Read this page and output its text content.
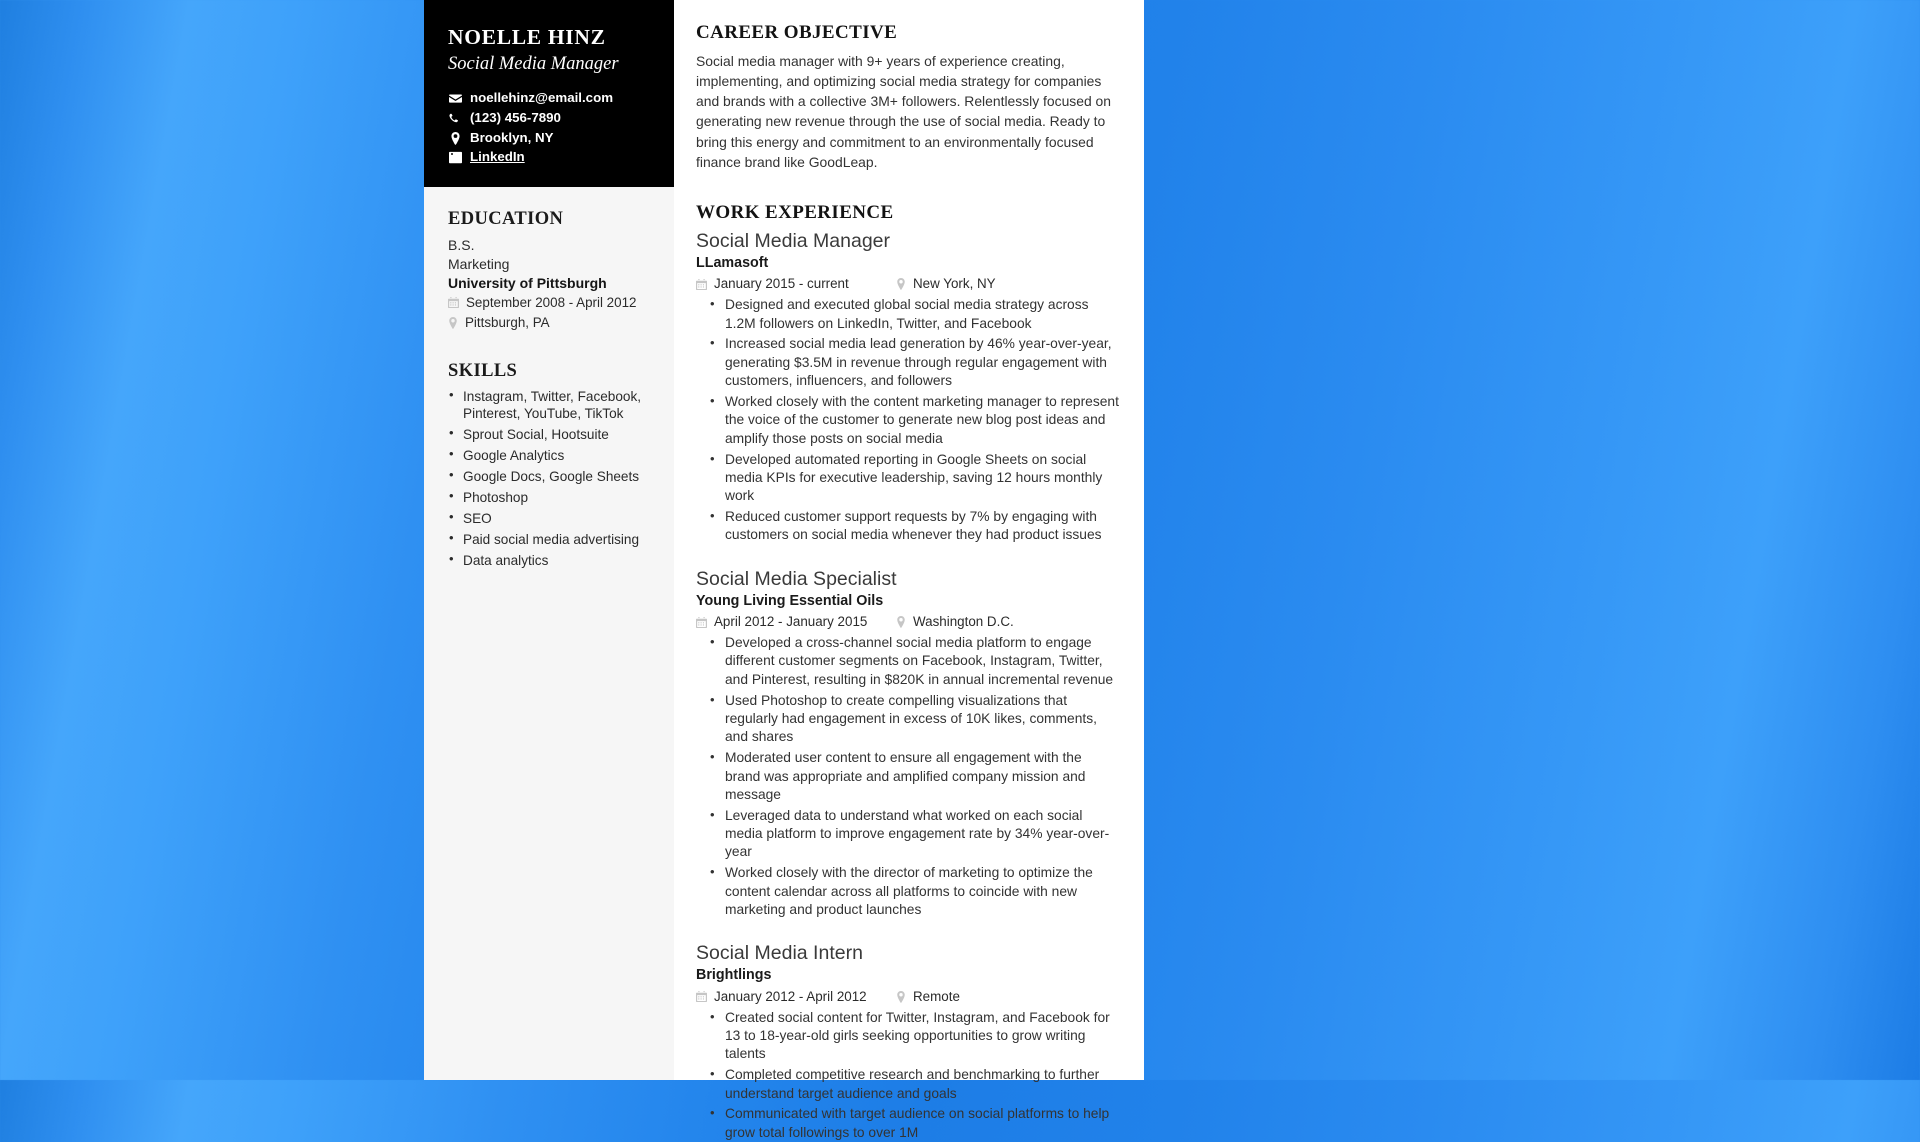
NOELLE HINZ
Social Media Manager
noellehinz@email.com
(123) 456-7890
Brooklyn, NY
LinkedIn
EDUCATION
B.S.
Marketing
University of Pittsburgh
September 2008 - April 2012
Pittsburgh, PA
SKILLS
• Instagram, Twitter, Facebook, Pinterest, YouTube, TikTok
• Sprout Social, Hootsuite
• Google Analytics
• Google Docs, Google Sheets
• Photoshop
• SEO
• Paid social media advertising
• Data analytics
CAREER OBJECTIVE

Social media manager with 9+ years of experience creating, implementing, and optimizing social media strategy for companies and brands with a collective 3M+ followers. Relentlessly focused on generating new revenue through the use of social media. Ready to bring this energy and commitment to an environmentally focused finance brand like GoodLeap.

WORK EXPERIENCE
Social Media Manager
LLamasoft
January 2015 - current	New York, NY
• Designed and executed global social media strategy across 1.2M followers on LinkedIn, Twitter, and Facebook
• Increased social media lead generation by 46% year-over-year, generating $3.5M in revenue through regular engagement with customers, influencers, and followers
• Worked closely with the content marketing manager to represent the voice of the customer to generate new blog post ideas and amplify those posts on social media
• Developed automated reporting in Google Sheets on social media KPIs for executive leadership, saving 12 hours monthly work
• Reduced customer support requests by 7% by engaging with customers on social media whenever they had product issues
Social Media Specialist
Young Living Essential Oils
April 2012 - January 2015	Washington D.C.
• Developed a cross-channel social media platform to engage different customer segments on Facebook, Instagram, Twitter, and Pinterest, resulting in $820K in annual incremental revenue
• Used Photoshop to create compelling visualizations that regularly had engagement in excess of 10K likes, comments, and shares
• Moderated user content to ensure all engagement with the brand was appropriate and amplified company mission and message
• Leveraged data to understand what worked on each social media platform to improve engagement rate by 34% year-over-year
• Worked closely with the director of marketing to optimize the content calendar across all platforms to coincide with new marketing and product launches
Social Media Intern
Brightlings
January 2012 - April 2012	Remote
• Created social content for Twitter, Instagram, and Facebook for 13 to 18-year-old girls seeking opportunities to grow writing talents
• Completed competitive research and benchmarking to further understand target audience and goals
• Communicated with target audience on social platforms to help grow total followings to over 1M
